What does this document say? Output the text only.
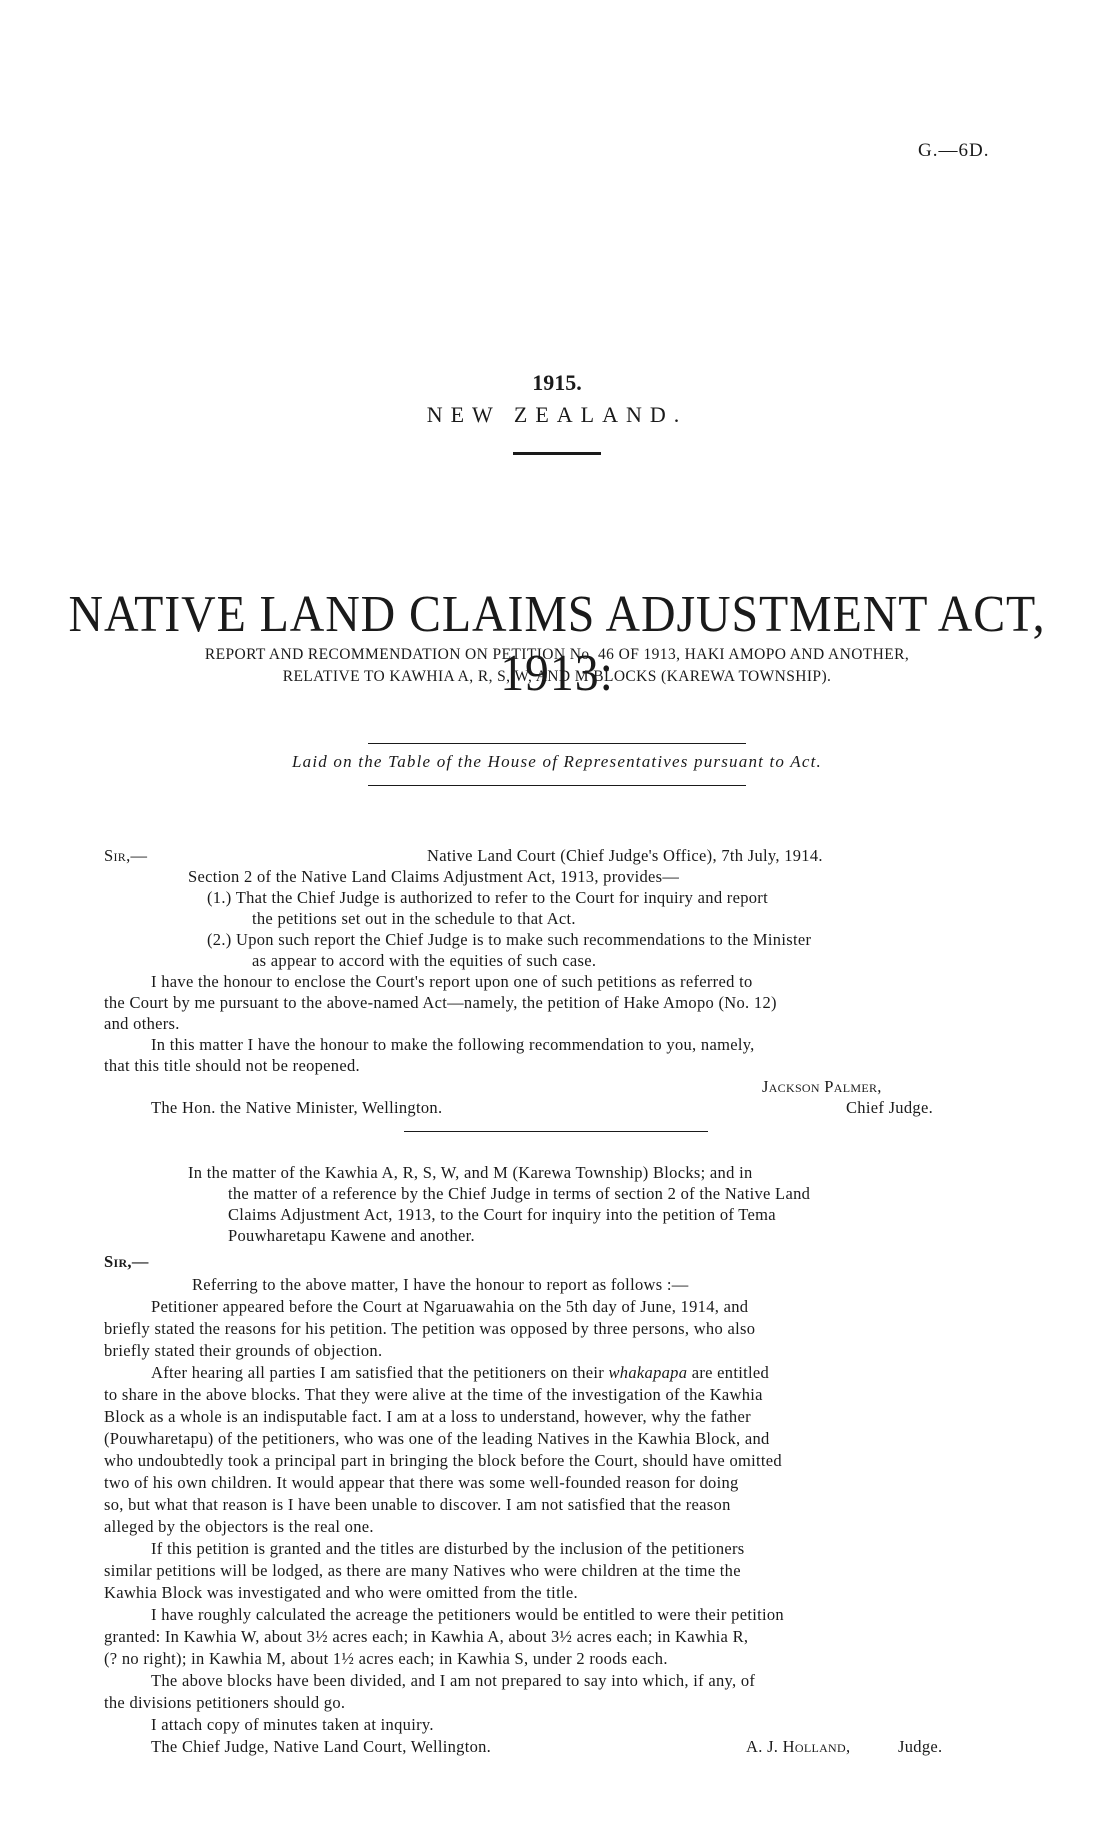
G.—6D.
1915.
NEW ZEALAND.
NATIVE LAND CLAIMS ADJUSTMENT ACT, 1913:
REPORT AND RECOMMENDATION ON PETITION No. 46 OF 1913, HAKI AMOPO AND ANOTHER,
RELATIVE TO KAWHIA A, R, S, W, AND M BLOCKS (KAREWA TOWNSHIP).
Laid on the Table of the House of Representatives pursuant to Act.
Sir,—	Native Land Court (Chief Judge's Office), 7th July, 1914.
Section 2 of the Native Land Claims Adjustment Act, 1913, provides—
(1.) That the Chief Judge is authorized to refer to the Court for inquiry and report
the petitions set out in the schedule to that Act.
(2.) Upon such report the Chief Judge is to make such recommendations to the Minister
as appear to accord with the equities of such case.
I have the honour to enclose the Court's report upon one of such petitions as referred to
the Court by me pursuant to the above-named Act—namely, the petition of Hake Amopo (No. 12)
and others.
In this matter I have the honour to make the following recommendation to you, namely,
that this title should not be reopened.
Jackson Palmer,
The Hon. the Native Minister, Wellington.	Chief Judge.
In the matter of the Kawhia A, R, S, W, and M (Karewa Township) Blocks; and in
the matter of a reference by the Chief Judge in terms of section 2 of the Native Land
Claims Adjustment Act, 1913, to the Court for inquiry into the petition of Tema
Pouwharetapu Kawene and another.
Sir,—
Referring to the above matter, I have the honour to report as follows :—
Petitioner appeared before the Court at Ngaruawahia on the 5th day of June, 1914, and
briefly stated the reasons for his petition. The petition was opposed by three persons, who also
briefly stated their grounds of objection.
After hearing all parties I am satisfied that the petitioners on their whakapapa are entitled
to share in the above blocks. That they were alive at the time of the investigation of the Kawhia
Block as a whole is an indisputable fact. I am at a loss to understand, however, why the father
(Pouwharetapu) of the petitioners, who was one of the leading Natives in the Kawhia Block, and
who undoubtedly took a principal part in bringing the block before the Court, should have omitted
two of his own children. It would appear that there was some well-founded reason for doing
so, but what that reason is I have been unable to discover. I am not satisfied that the reason
alleged by the objectors is the real one.
If this petition is granted and the titles are disturbed by the inclusion of the petitioners
similar petitions will be lodged, as there are many Natives who were children at the time the
Kawhia Block was investigated and who were omitted from the title.
I have roughly calculated the acreage the petitioners would be entitled to were their petition
granted: In Kawhia W, about 3½ acres each; in Kawhia A, about 3½ acres each; in Kawhia R,
(? no right); in Kawhia M, about 1½ acres each; in Kawhia S, under 2 roods each.
The above blocks have been divided, and I am not prepared to say into which, if any, of
the divisions petitioners should go.
I attach copy of minutes taken at inquiry.
The Chief Judge, Native Land Court, Wellington.	A. J. Holland,	Judge.
